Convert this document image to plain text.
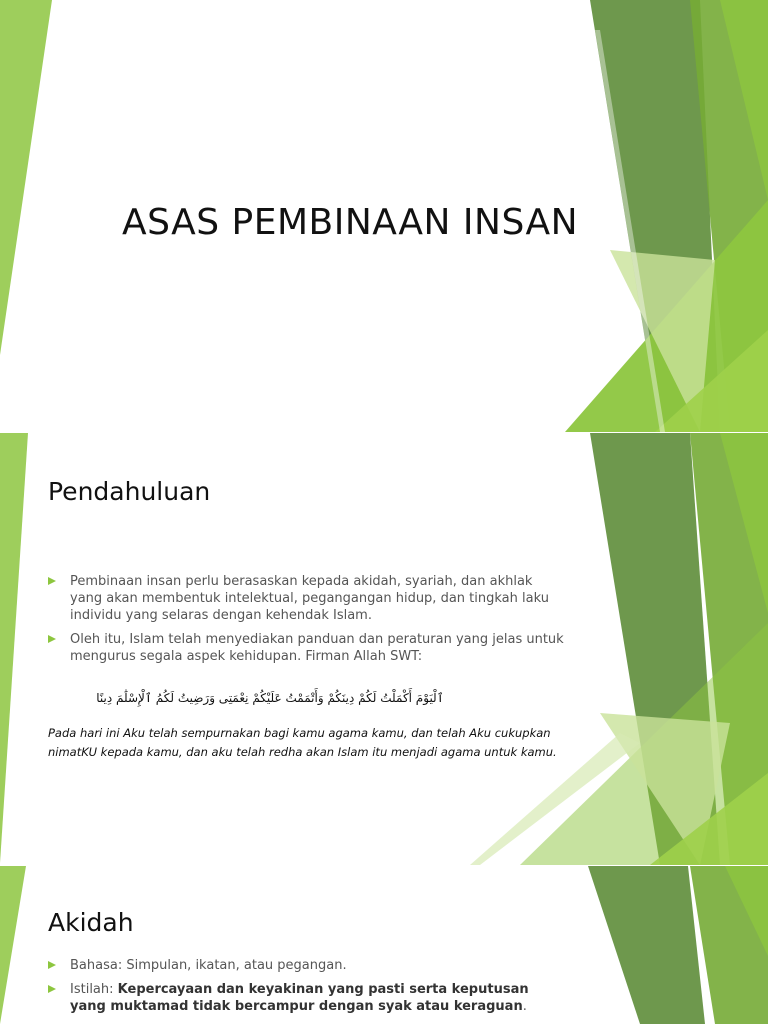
ASAS PEMBINAAN INSAN
Pendahuluan
Pembinaan insan perlu berasaskan kepada akidah, syariah, dan akhlak yang akan membentuk intelektual, pegangangan hidup, dan tingkah laku individu yang selaras dengan kehendak Islam.
Oleh itu, Islam telah menyediakan panduan dan peraturan yang jelas untuk mengurus segala aspek kehidupan. Firman Allah SWT:
ٱلْيَوْمَ أَكْمَلْتُ لَكُمْ دِينَكُمْ وَأَتْمَمْتُ عَلَيْكُمْ نِعْمَتِى وَرَضِيتُ لَكُمُ ٱلْإِسْلَٰمَ دِينًا
Pada hari ini Aku telah sempurnakan bagi kamu agama kamu, dan telah Aku cukupkan nimatKU kepada kamu, dan aku telah redha akan Islam itu menjadi agama untuk kamu.
Akidah
Bahasa: Simpulan, ikatan, atau pegangan.
Istilah: Kepercayaan dan keyakinan yang pasti serta keputusan yang muktamad tidak bercampur dengan syak atau keraguan.
